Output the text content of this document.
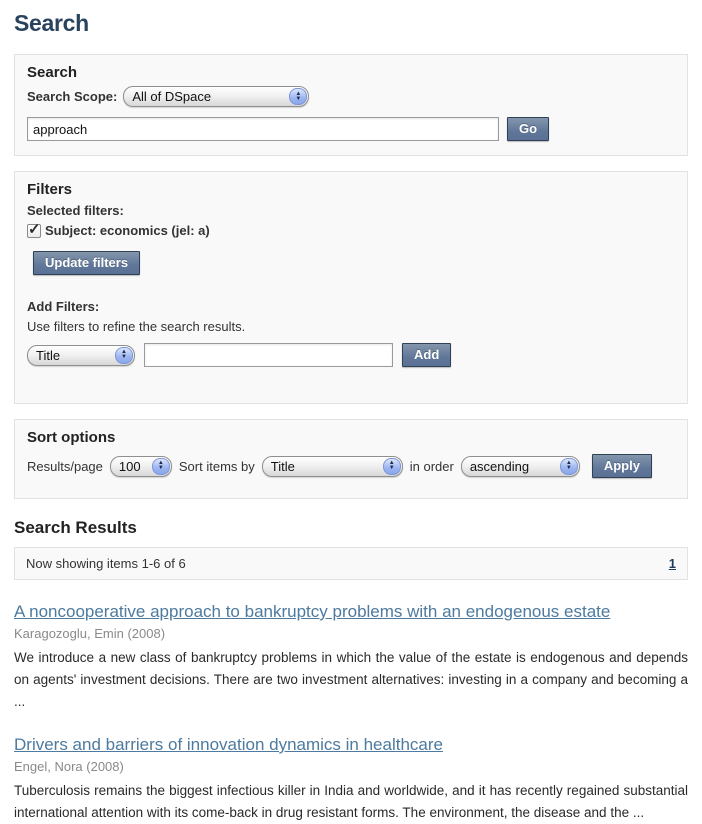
Search
Search
Search Scope: All of DSpace	▲
▼
approach
Go
Filters
Selected filters:
✓ Subject: economics (jel: a)
Update filters
Add Filters:
Use filters to refine the search results.
Title	▲
▼	Add
Sort options
Results/page 100	▲
▼ Sort items by Title	▲
▼ in order ascending	▲
▼	Apply
Search Results
Now showing items 1-6 of 6	1
A noncooperative approach to bankruptcy problems with an endogenous estate
Karagozoglu, Emin (2008)
We introduce a new class of bankruptcy problems in which the value of the estate is endogenous and depends on agents' investment decisions. There are two investment alternatives: investing in a company and becoming a ...
Drivers and barriers of innovation dynamics in healthcare
Engel, Nora (2008)
Tuberculosis remains the biggest infectious killer in India and worldwide, and it has recently regained substantial international attention with its come-back in drug resistant forms. The environment, the disease and the ...
